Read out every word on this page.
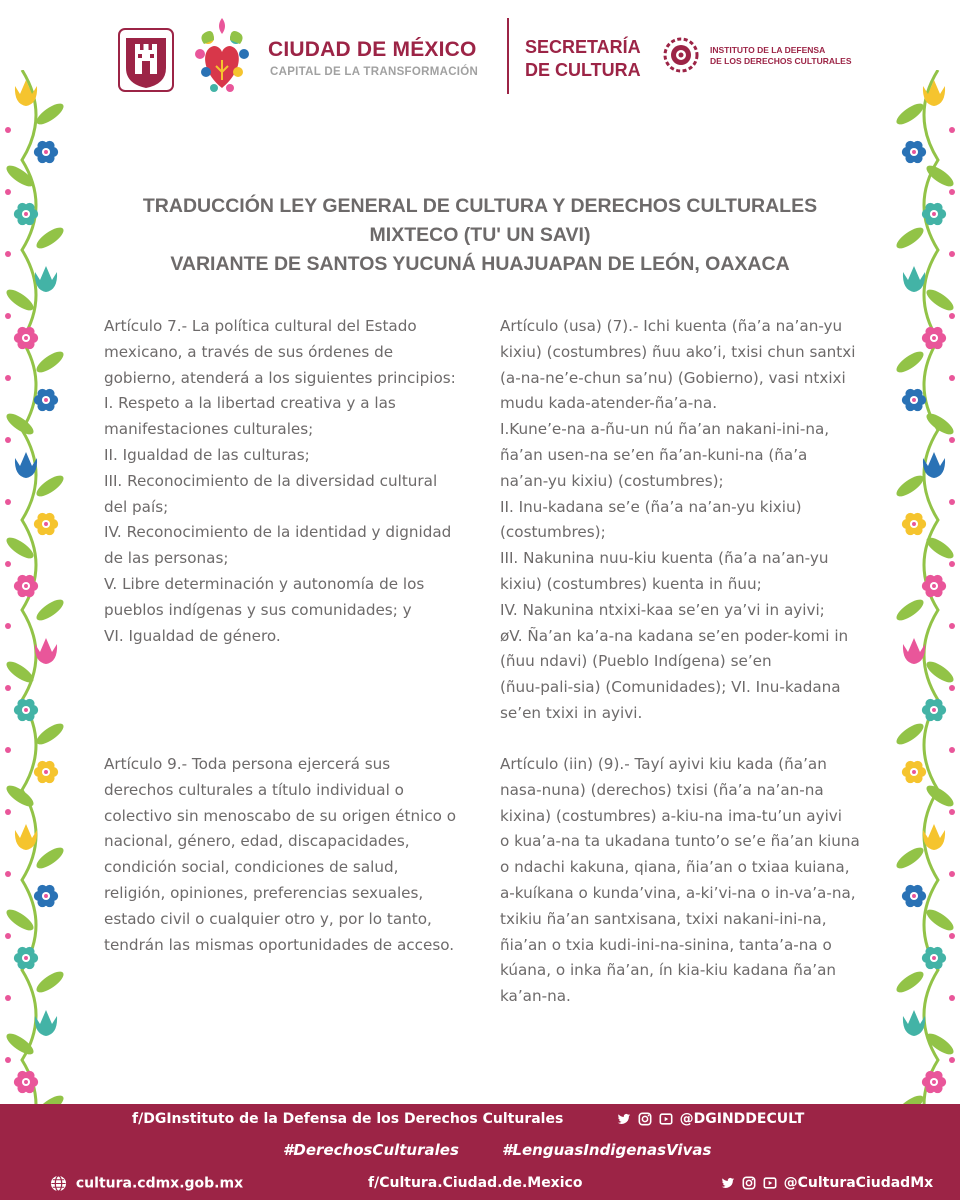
CIUDAD DE MÉXICO
CAPITAL DE LA TRANSFORMACIÓN
SECRETARÍA
DE CULTURA
INSTITUTO DE LA DEFENSA
DE LOS DERECHOS CULTURALES
TRADUCCIÓN LEY GENERAL DE CULTURA Y DERECHOS CULTURALES
MIXTECO (TU' UN SAVI)
VARIANTE DE SANTOS YUCUNÁ HUAJUAPAN DE LEÓN, OAXACA
Artículo 7.- La política cultural del Estado
mexicano, a través de sus órdenes de
gobierno, atenderá a los siguientes principios:
I. Respeto a la libertad creativa y a las
manifestaciones culturales;
II. Igualdad de las culturas;
III. Reconocimiento de la diversidad cultural
del país;
IV. Reconocimiento de la identidad y dignidad
de las personas;
V. Libre determinación y autonomía de los
pueblos indígenas y sus comunidades; y
VI. Igualdad de género.
Artículo (usa) (7).- Ichi kuenta (ña’a na’an-yu
kixiu) (costumbres) ñuu ako’i, txisi chun santxi
(a-na-ne’e-chun sa’nu) (Gobierno), vasi ntxixi
mudu kada-atender-ña’a-na.
I.Kune’e-na a-ñu-un nú ña’an nakani-ini-na,
ña’an usen-na se’en ña’an-kuni-na (ña’a
na’an-yu kixiu) (costumbres);
II. Inu-kadana se’e (ña’a na’an-yu kixiu)
(costumbres);
III. Nakunina nuu-kiu kuenta (ña’a na’an-yu
kixiu) (costumbres) kuenta in ñuu;
IV. Nakunina ntxixi-kaa se’en ya’vi in ayivi;
øV. Ña’an ka’a-na kadana se’en poder-komi in
(ñuu ndavi) (Pueblo Indígena) se’en
(ñuu-pali-sia) (Comunidades); VI. Inu-kadana
se’en txixi in ayivi.
Artículo 9.- Toda persona ejercerá sus
derechos culturales a título individual o
colectivo sin menoscabo de su origen étnico o
nacional, género, edad, discapacidades,
condición social, condiciones de salud,
religión, opiniones, preferencias sexuales,
estado civil o cualquier otro y, por lo tanto,
tendrán las mismas oportunidades de acceso.
Artículo (iin) (9).- Tayí ayivi kiu kada (ña’an
nasa-nuna) (derechos) txisi (ña’a na’an-na
kixina) (costumbres) a-kiu-na ima-tu’un ayivi
o kua’a-na ta ukadana tunto’o se’e ña’an kiuna
o ndachi kakuna, qiana, ñia’an o txiaa kuiana,
a-kuíkana o kunda’vina, a-ki’vi-na o in-va’a-na,
txikiu ña’an santxisana, txixi nakani-ini-na,
ñia’an o txia kudi-ini-na-sinina, tanta’a-na o
kúana, o inka ña’an, ín kia-kiu kadana ña’an
ka’an-na.
f/DGInstituto de la Defensa de los Derechos Culturales	@DGINDDECULT
#DerechosCulturales	#LenguasIndigenasVivas
cultura.cdmx.gob.mx	f/Cultura.Ciudad.de.Mexico	@CulturaCiudadMx
